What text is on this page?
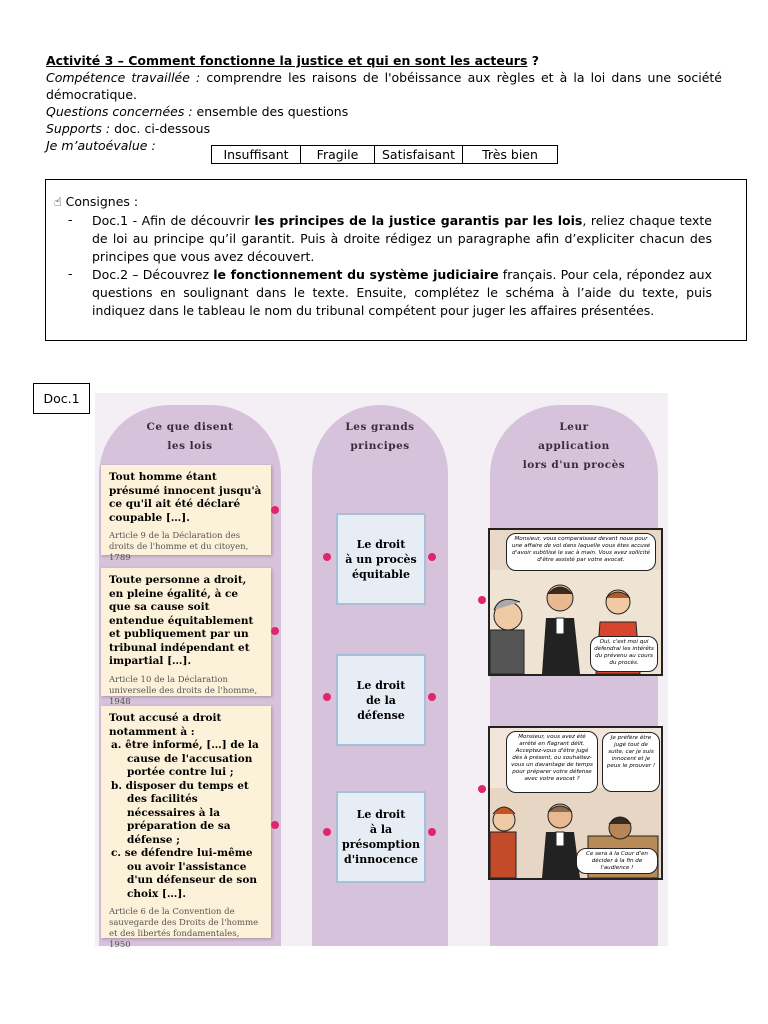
Activité 3 – Comment fonctionne la justice et qui en sont les acteurs ?
Compétence travaillée : comprendre les raisons de l'obéissance aux règles et à la loi dans une société démocratique.
Questions concernées : ensemble des questions
Supports : doc. ci-dessous
Je m’autoévalue :
Insuffisant	Fragile	Satisfaisant	Très bien
☝ Consignes :
- Doc.1 - Afin de découvrir les principes de la justice garantis par les lois, reliez chaque texte de loi au principe qu’il garantit. Puis à droite rédigez un paragraphe afin d’expliciter chacun des principes que vous avez découvert.
- Doc.2 – Découvrez le fonctionnement du système judiciaire français. Pour cela, répondez aux questions en soulignant dans le texte. Ensuite, complétez le schéma à l’aide du texte, puis indiquez dans le tableau le nom du tribunal compétent pour juger les affaires présentées.
Doc.1
Ce que disent
les lois
Les grands
principes
Leur
application
lors d'un procès
Tout homme étant présumé innocent jusqu'à ce qu'il ait été déclaré coupable […].
Article 9 de la Déclaration des droits de l'homme et du citoyen, 1789
Toute personne a droit, en pleine égalité, à ce que sa cause soit entendue équitablement et publiquement par un tribunal indépendant et impartial […].
Article 10 de la Déclaration universelle des droits de l'homme, 1948
Tout accusé a droit notamment à :
a. être informé, […] de la cause de l'accusation portée contre lui ;
b. disposer du temps et des facilités nécessaires à la préparation de sa défense ;
c. se défendre lui-même ou avoir l'assistance d'un défenseur de son choix […].
Article 6 de la Convention de sauvegarde des Droits de l'homme et des libertés fondamentales, 1950
Le droit
à un procès
équitable
Le droit
de la
défense
Le droit
à la
présomption
d'innocence
Monsieur, vous comparaissez devant nous pour une affaire de vol dans laquelle vous êtes accusé d'avoir subtilisé le sac à main. Vous avez sollicité d'être assisté par votre avocat.
Oui, c'est moi qui défendrai les intérêts du prévenu au cours du procès.
Monsieur, vous avez été arrêté en flagrant délit. Acceptez-vous d'être jugé dès à présent, ou souhaitez-vous un davantage de temps pour préparer votre défense avec votre avocat ?
Je préfère être jugé tout de suite, car je suis innocent et je peux le prouver !
Ce sera à la Cour d'en décider à la fin de l'audience !
